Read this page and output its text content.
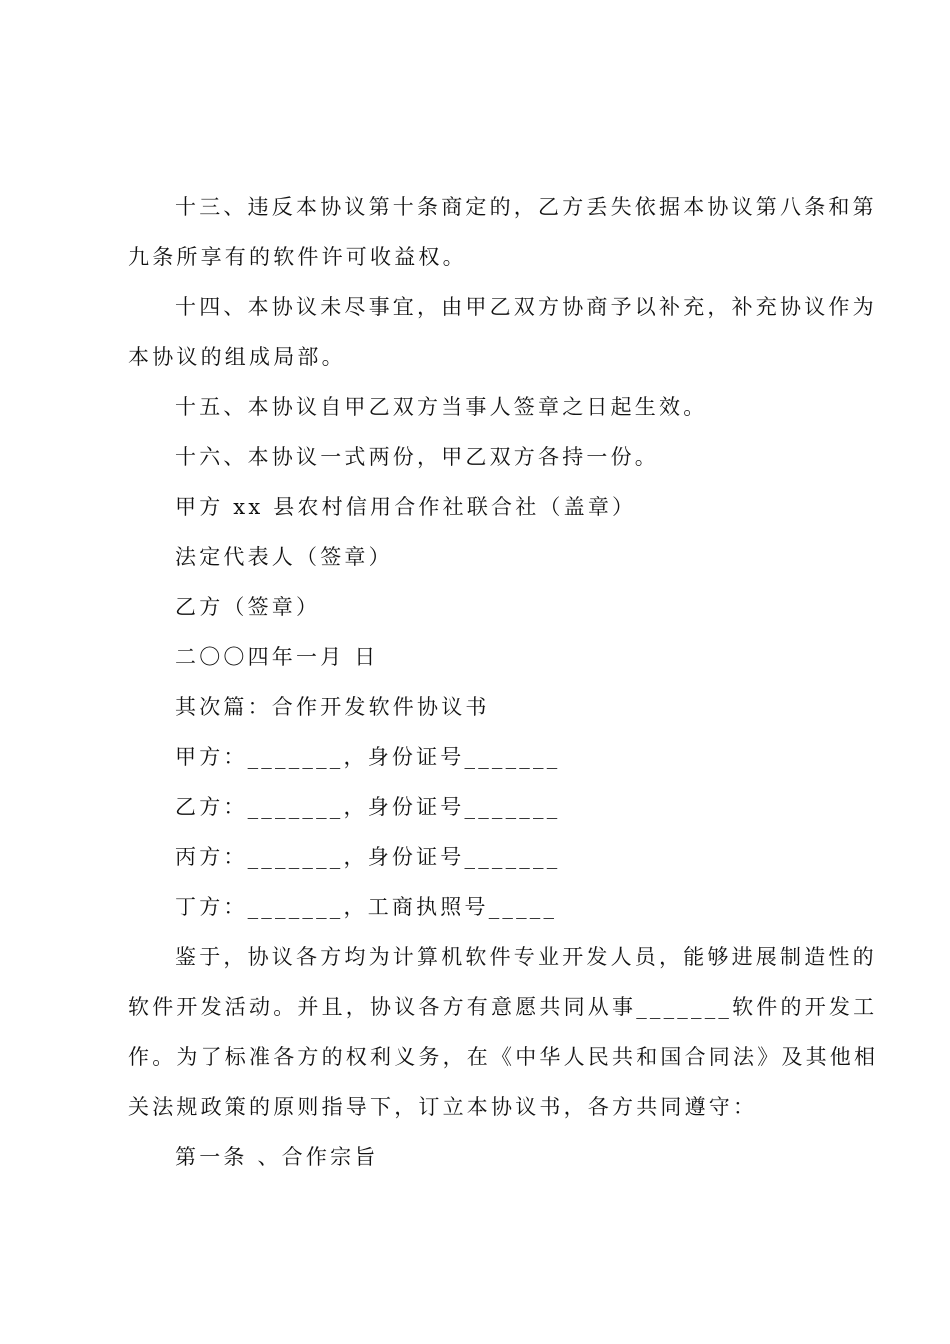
十三、违反本协议第十条商定的，乙方丢失依据本协议第八条和第
九条所享有的软件许可收益权。
十四、本协议未尽事宜，由甲乙双方协商予以补充，补充协议作为
本协议的组成局部。
十五、本协议自甲乙双方当事人签章之日起生效。
十六、本协议一式两份，甲乙双方各持一份。
甲方 xx 县农村信用合作社联合社（盖章）
法定代表人（签章）
乙方（签章）
二〇〇四年一月 日
其次篇：合作开发软件协议书
甲方：_______，身份证号_______
乙方：_______，身份证号_______
丙方：_______，身份证号_______
丁方：_______，工商执照号_____
鉴于，协议各方均为计算机软件专业开发人员，能够进展制造性的
软件开发活动。并且，协议各方有意愿共同从事_______软件的开发工
作。为了标准各方的权利义务，在《中华人民共和国合同法》及其他相
关法规政策的原则指导下，订立本协议书，各方共同遵守：
第一条 、合作宗旨
